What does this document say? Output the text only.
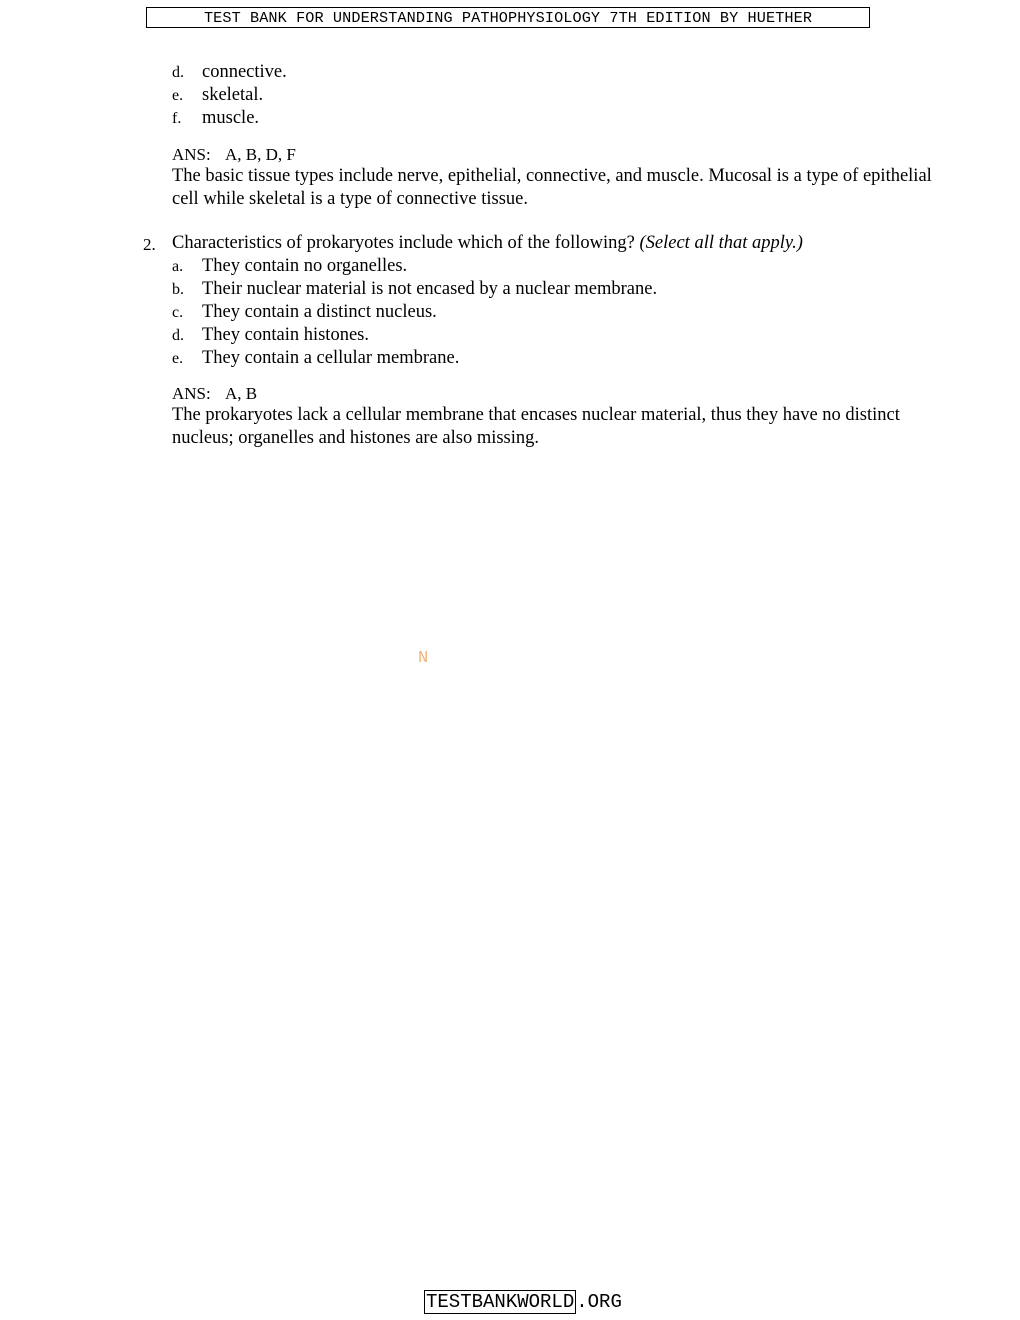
TEST BANK FOR UNDERSTANDING PATHOPHYSIOLOGY 7TH EDITION BY HUETHER
d. connective.
e. skeletal.
f. muscle.
ANS: A, B, D, F
The basic tissue types include nerve, epithelial, connective, and muscle. Mucosal is a type of epithelial cell while skeletal is a type of connective tissue.
2. Characteristics of prokaryotes include which of the following? (Select all that apply.)
a. They contain no organelles.
b. Their nuclear material is not encased by a nuclear membrane.
c. They contain a distinct nucleus.
d. They contain histones.
e. They contain a cellular membrane.
ANS: A, B
The prokaryotes lack a cellular membrane that encases nuclear material, thus they have no distinct nucleus; organelles and histones are also missing.
N
TESTBANKWORLD .ORG
